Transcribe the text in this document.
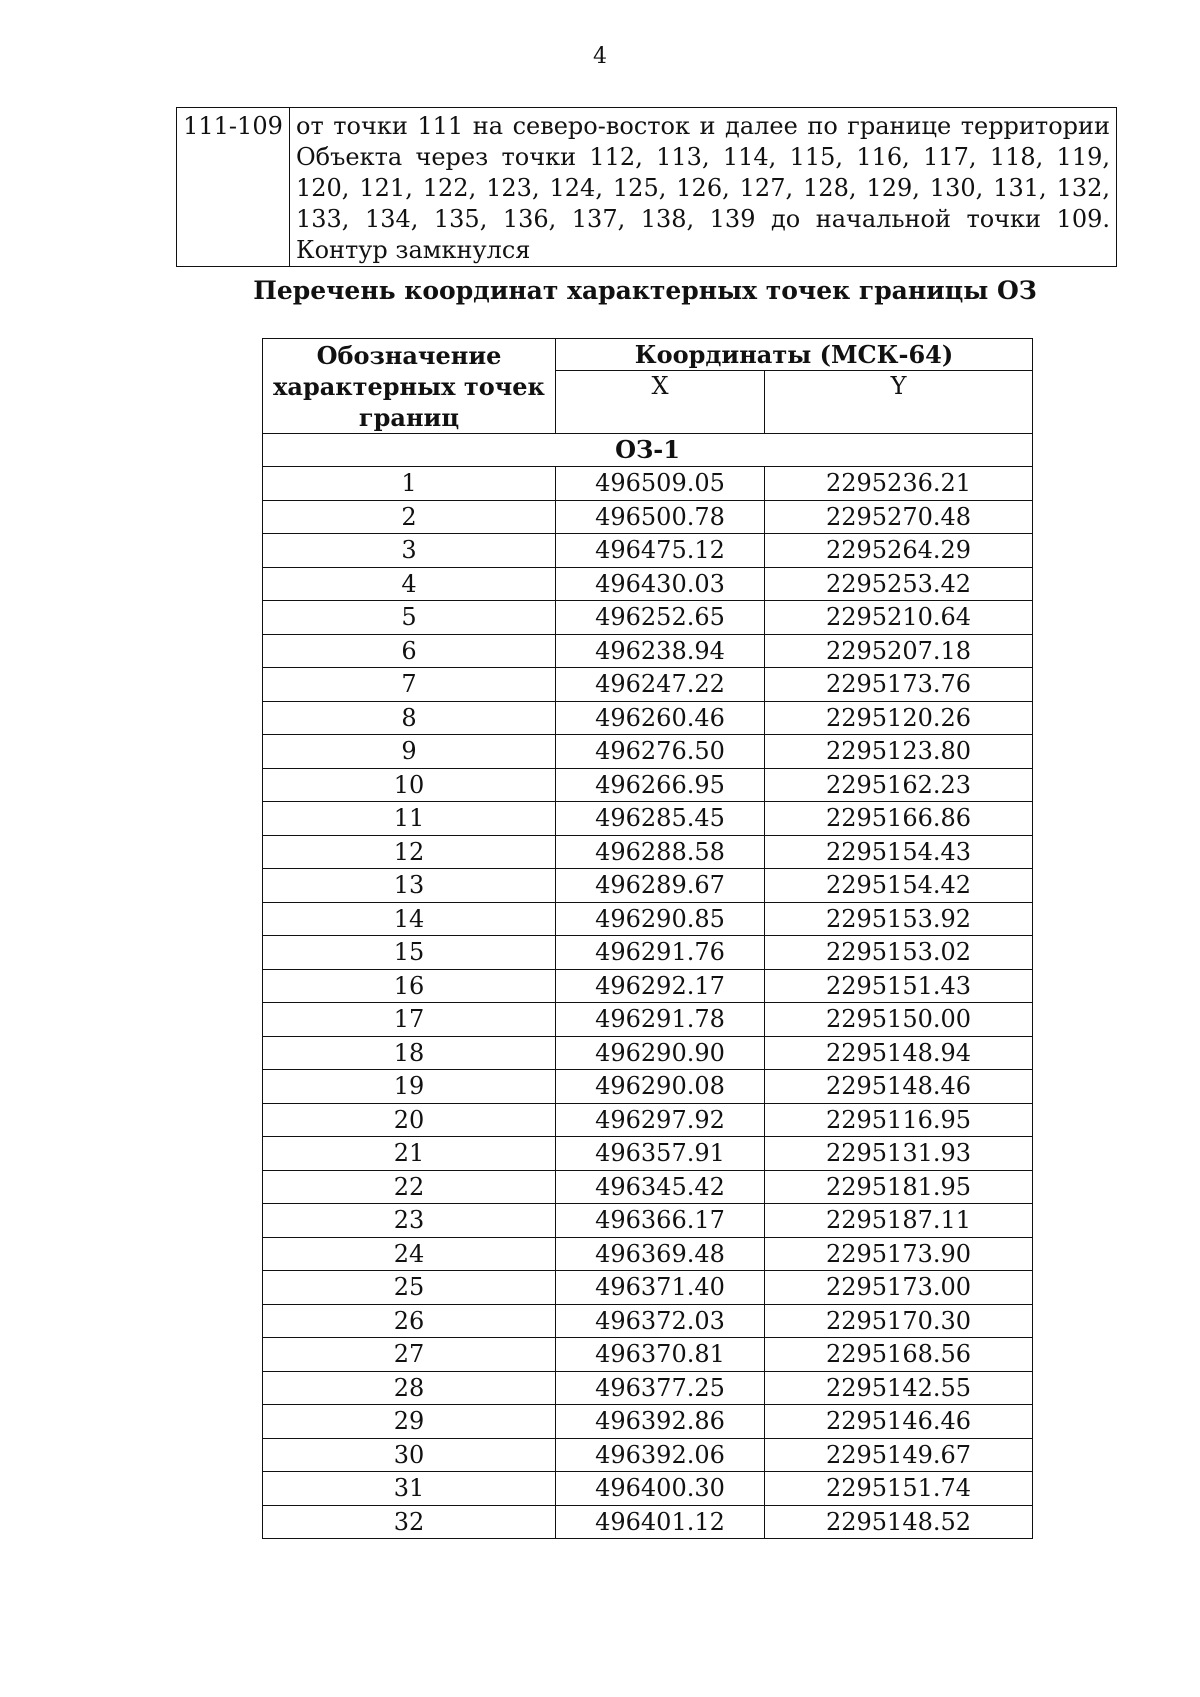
4
111-109	от точки 111 на северо-восток и далее по границе территории Объекта через точки 112, 113, 114, 115, 116, 117, 118, 119, 120, 121, 122, 123, 124, 125, 126, 127, 128, 129, 130, 131, 132, 133, 134, 135, 136, 137, 138, 139 до начальной точки 109. Контур замкнулся
Перечень координат характерных точек границы ОЗ
Обозначение характерных точек границ	Координаты (МСК-64)	
	X	Y
ОЗ-1		
1	496509.05	2295236.21
2	496500.78	2295270.48
3	496475.12	2295264.29
4	496430.03	2295253.42
5	496252.65	2295210.64
6	496238.94	2295207.18
7	496247.22	2295173.76
8	496260.46	2295120.26
9	496276.50	2295123.80
10	496266.95	2295162.23
11	496285.45	2295166.86
12	496288.58	2295154.43
13	496289.67	2295154.42
14	496290.85	2295153.92
15	496291.76	2295153.02
16	496292.17	2295151.43
17	496291.78	2295150.00
18	496290.90	2295148.94
19	496290.08	2295148.46
20	496297.92	2295116.95
21	496357.91	2295131.93
22	496345.42	2295181.95
23	496366.17	2295187.11
24	496369.48	2295173.90
25	496371.40	2295173.00
26	496372.03	2295170.30
27	496370.81	2295168.56
28	496377.25	2295142.55
29	496392.86	2295146.46
30	496392.06	2295149.67
31	496400.30	2295151.74
32	496401.12	2295148.52
